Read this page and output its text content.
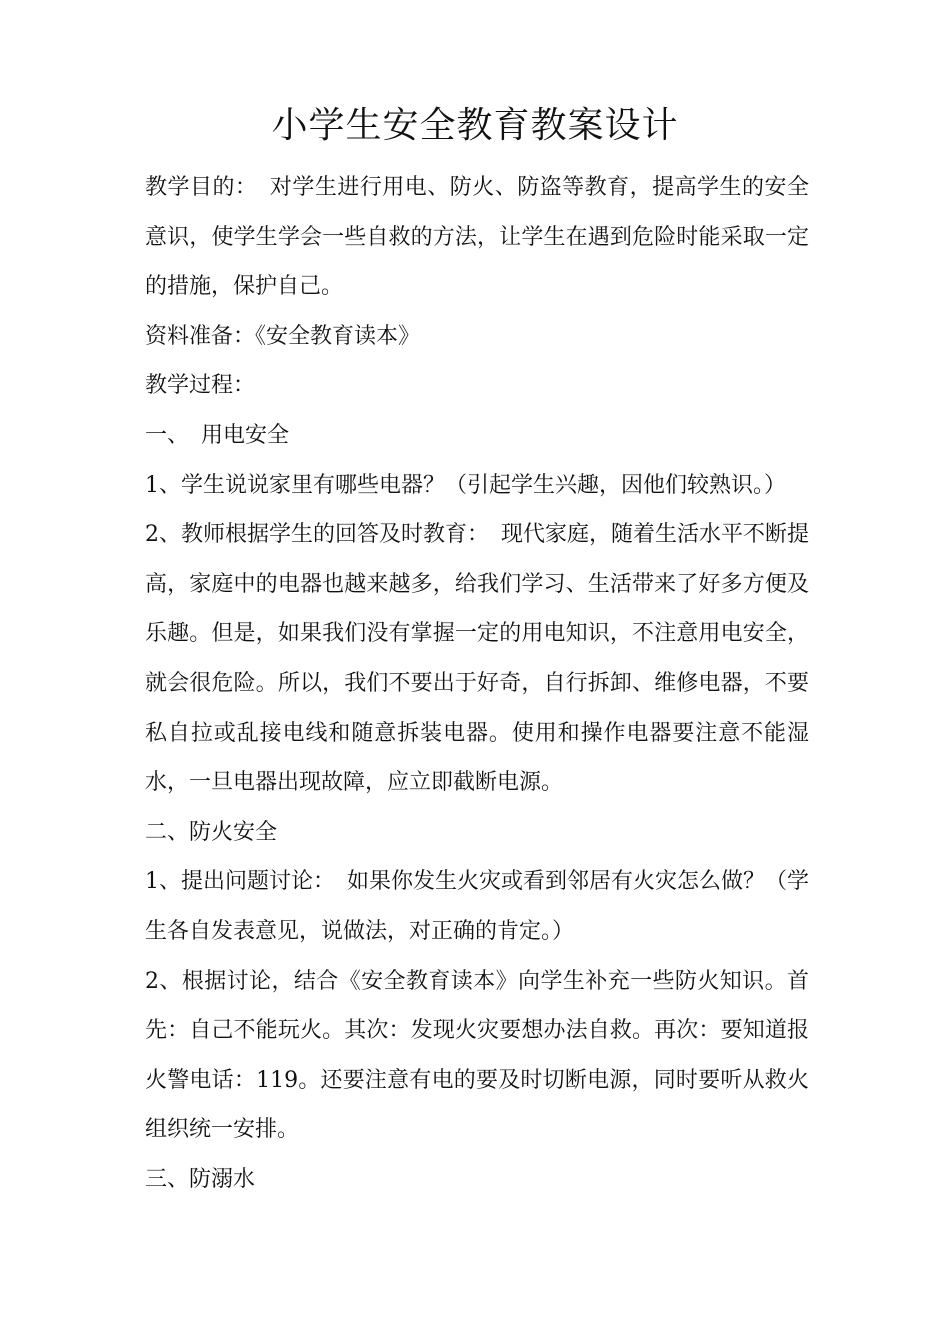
小学生安全教育教案设计

教学目的： 对学生进行用电、防火、防盗等教育，提高学生的安全意识，使学生学会一些自救的方法，让学生在遇到危险时能采取一定的措施，保护自己。

资料准备：《安全教育读本》

教学过程：

一、 用电安全

1、学生说说家里有哪些电器？（引起学生兴趣，因他们较熟识。）

2、教师根据学生的回答及时教育： 现代家庭，随着生活水平不断提高，家庭中的电器也越来越多，给我们学习、生活带来了好多方便及乐趣。但是，如果我们没有掌握一定的用电知识，不注意用电安全，就会很危险。所以，我们不要出于好奇，自行拆卸、维修电器，不要私自拉或乱接电线和随意拆装电器。使用和操作电器要注意不能湿水，一旦电器出现故障，应立即截断电源。

二、防火安全

1、提出问题讨论： 如果你发生火灾或看到邻居有火灾怎么做？（学生各自发表意见，说做法，对正确的肯定。）

2、根据讨论，结合《安全教育读本》向学生补充一些防火知识。首先：自己不能玩火。其次：发现火灾要想办法自救。再次：要知道报火警电话：119。还要注意有电的要及时切断电源，同时要听从救火组织统一安排。

三、防溺水
